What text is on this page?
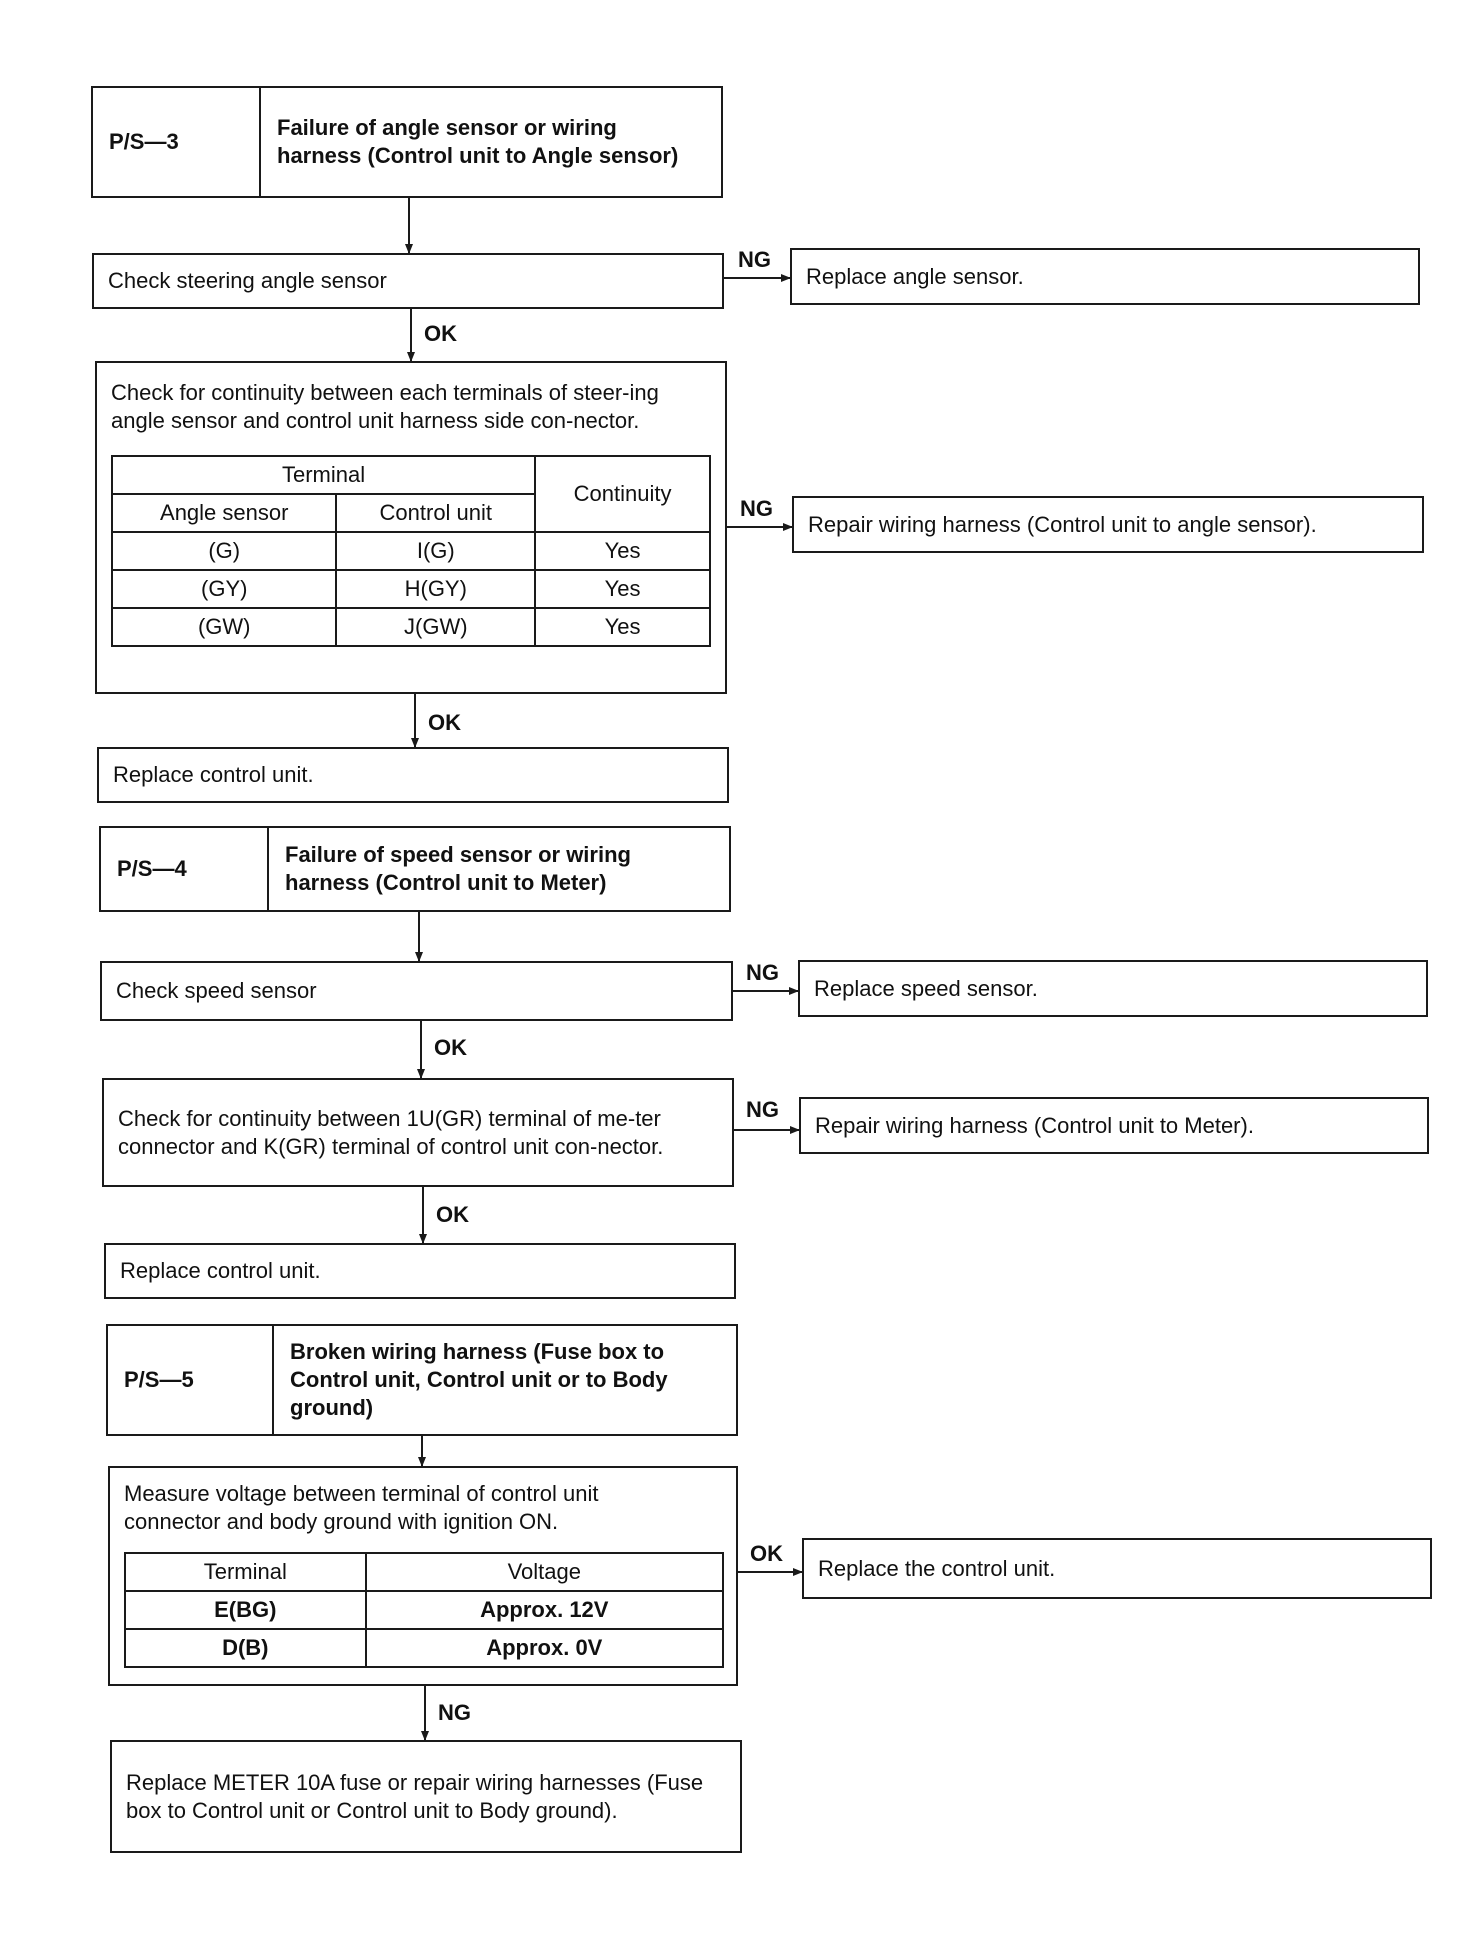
P/S—3
Failure of angle sensor or wiring harness (Control unit to Angle sensor)
Check steering angle sensor
NG
OK
Replace angle sensor.
Check for continuity between each terminals of steer-ing angle sensor and control unit harness side con-nector.
Terminal		Continuity
Angle sensor	Control unit	
(G)	I(G)	Yes
(GY)	H(GY)	Yes
(GW)	J(GW)	Yes
NG
OK
Repair wiring harness (Control unit to angle sensor).
Replace control unit.
P/S—4
Failure of speed sensor or wiring harness (Control unit to Meter)
Check speed sensor
NG
OK
Replace speed sensor.
Check for continuity between 1U(GR) terminal of me-ter connector and K(GR) terminal of control unit con-nector.
NG
OK
Repair wiring harness (Control unit to Meter).
Replace control unit.
P/S—5
Broken wiring harness (Fuse box to Control unit, Control unit or to Body ground)
Measure voltage between terminal of control unit connector and body ground with ignition ON.
Terminal	Voltage
E(BG)	Approx. 12V
D(B)	Approx. 0V
OK
NG
Replace the control unit.
Replace METER 10A fuse or repair wiring harnesses (Fuse box to Control unit or Control unit to Body ground).
